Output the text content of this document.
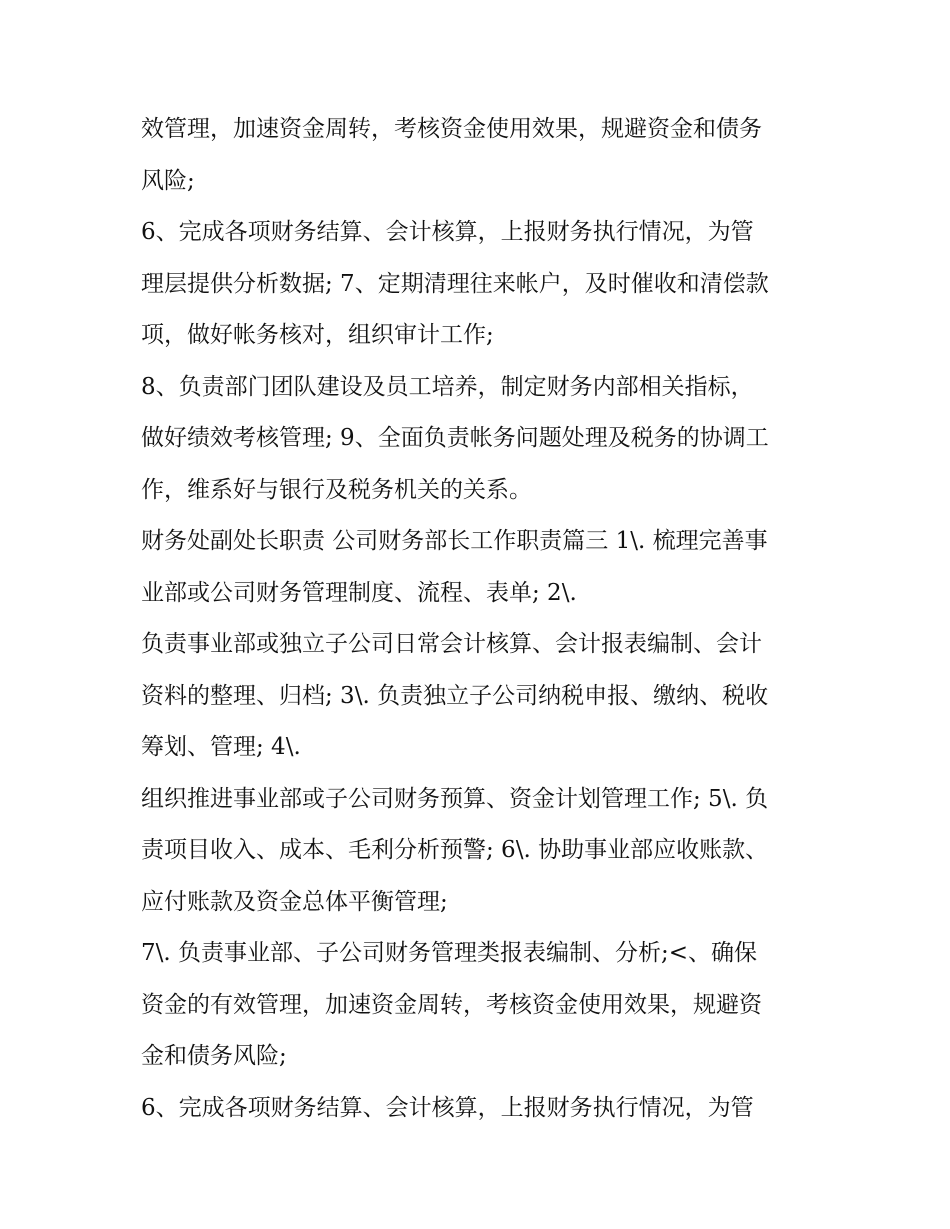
效管理，加速资金周转，考核资金使用效果，规避资金和债务
风险;
6、完成各项财务结算、会计核算，上报财务执行情况，为管
理层提供分析数据; 7、定期清理往来帐户，及时催收和清偿款
项，做好帐务核对，组织审计工作;
8、负责部门团队建设及员工培养，制定财务内部相关指标，
做好绩效考核管理; 9、全面负责帐务问题处理及税务的协调工
作，维系好与银行及税务机关的关系。
财务处副处长职责 公司财务部长工作职责篇三 1\. 梳理完善事
业部或公司财务管理制度、流程、表单; 2\.
负责事业部或独立子公司日常会计核算、会计报表编制、会计
资料的整理、归档; 3\. 负责独立子公司纳税申报、缴纳、税收
筹划、管理; 4\.
组织推进事业部或子公司财务预算、资金计划管理工作; 5\. 负
责项目收入、成本、毛利分析预警; 6\. 协助事业部应收账款、
应付账款及资金总体平衡管理;
7\. 负责事业部、子公司财务管理类报表编制、分析;<、确保
资金的有效管理，加速资金周转，考核资金使用效果，规避资
金和债务风险;
6、完成各项财务结算、会计核算，上报财务执行情况，为管
